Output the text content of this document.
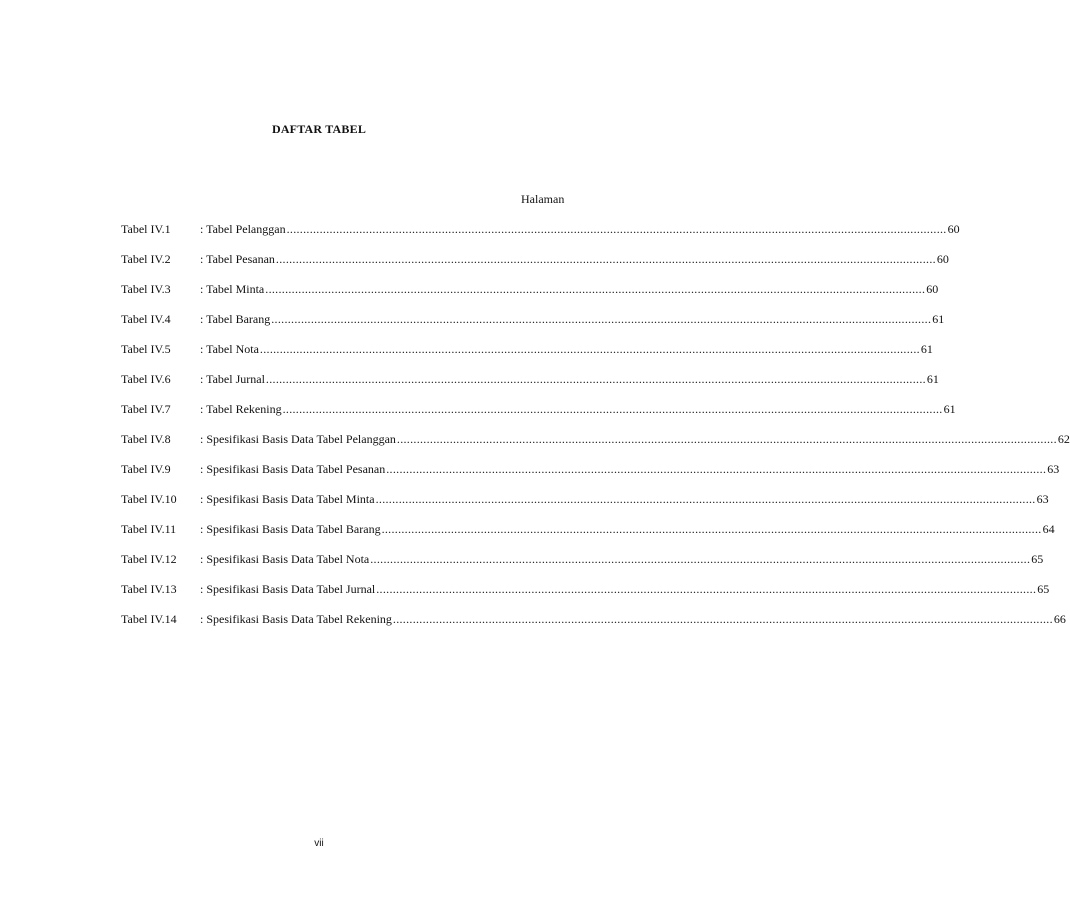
DAFTAR TABEL
Halaman
Tabel IV.1	: Tabel Pelanggan ........................................................................................................................................................................................................ 60
Tabel IV.2	: Tabel Pesanan ........................................................................................................................................................................................................ 60
Tabel IV.3	: Tabel Minta ........................................................................................................................................................................................................ 60
Tabel IV.4	: Tabel Barang ........................................................................................................................................................................................................ 61
Tabel IV.5	: Tabel Nota ........................................................................................................................................................................................................ 61
Tabel IV.6	: Tabel Jurnal ........................................................................................................................................................................................................ 61
Tabel IV.7	: Tabel Rekening ........................................................................................................................................................................................................ 61
Tabel IV.8	: Spesifikasi Basis Data Tabel Pelanggan ........................................................................................................................................................................................................ 62
Tabel IV.9	: Spesifikasi Basis Data Tabel Pesanan ........................................................................................................................................................................................................ 63
Tabel IV.10	: Spesifikasi Basis Data Tabel Minta ........................................................................................................................................................................................................ 63
Tabel IV.11	: Spesifikasi Basis Data Tabel Barang ........................................................................................................................................................................................................ 64
Tabel IV.12	: Spesifikasi Basis Data Tabel Nota ........................................................................................................................................................................................................ 65
Tabel IV.13	: Spesifikasi Basis Data Tabel Jurnal ........................................................................................................................................................................................................ 65
Tabel IV.14	: Spesifikasi Basis Data Tabel Rekening ........................................................................................................................................................................................................ 66
vii
